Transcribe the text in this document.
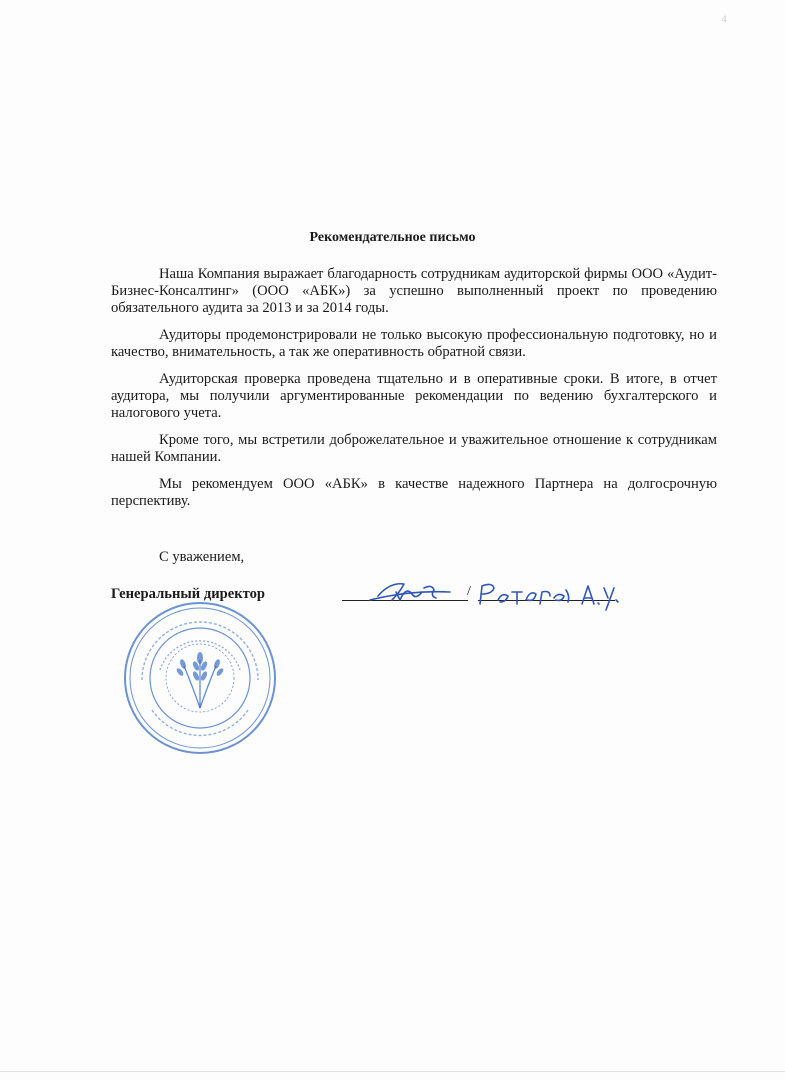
4
Рекомендательное письмо

Наша Компания выражает благодарность сотрудникам аудиторской фирмы ООО «Аудит-Бизнес-Консалтинг» (ООО «АБК») за успешно выполненный проект по проведению обязательного аудита за 2013 и за 2014 годы.

Аудиторы продемонстрировали не только высокую профессиональную подготовку, но и качество, внимательность, а так же оперативность обратной связи.

Аудиторская проверка проведена тщательно и в оперативные сроки. В итоге, в отчет аудитора, мы получили аргументированные рекомендации по ведению бухгалтерского и налогового учета.

Кроме того, мы встретили доброжелательное и уважительное отношение к сотрудникам нашей Компании.

Мы рекомендуем ООО «АБК» в качестве надежного Партнера на долгосрочную перспективу.

С уважением,
Генеральный директор	/
